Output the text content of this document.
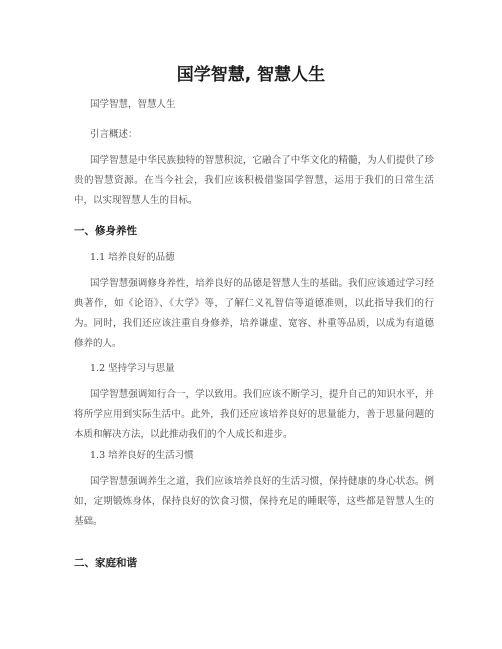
国学智慧, 智慧人生

国学智慧，智慧人生

引言概述：

国学智慧是中华民族独特的智慧积淀，它融合了中华文化的精髓，为人们提供了珍贵的智慧资源。在当今社会，我们应该积极借鉴国学智慧，运用于我们的日常生活中，以实现智慧人生的目标。

一、修身养性

1.1 培养良好的品德

国学智慧强调修身养性，培养良好的品德是智慧人生的基础。我们应该通过学习经典著作，如《论语》、《大学》等，了解仁义礼智信等道德准则，以此指导我们的行为。同时，我们还应该注重自身修养，培养谦虚、宽容、朴重等品质，以成为有道德修养的人。

1.2 坚持学习与思量

国学智慧强调知行合一，学以致用。我们应该不断学习，提升自己的知识水平，并将所学应用到实际生活中。此外，我们还应该培养良好的思量能力，善于思量问题的本质和解决方法，以此推动我们的个人成长和进步。

1.3 培养良好的生活习惯

国学智慧强调养生之道，我们应该培养良好的生活习惯，保持健康的身心状态。例如，定期锻炼身体，保持良好的饮食习惯，保持充足的睡眠等，这些都是智慧人生的基础。

二、家庭和谐
